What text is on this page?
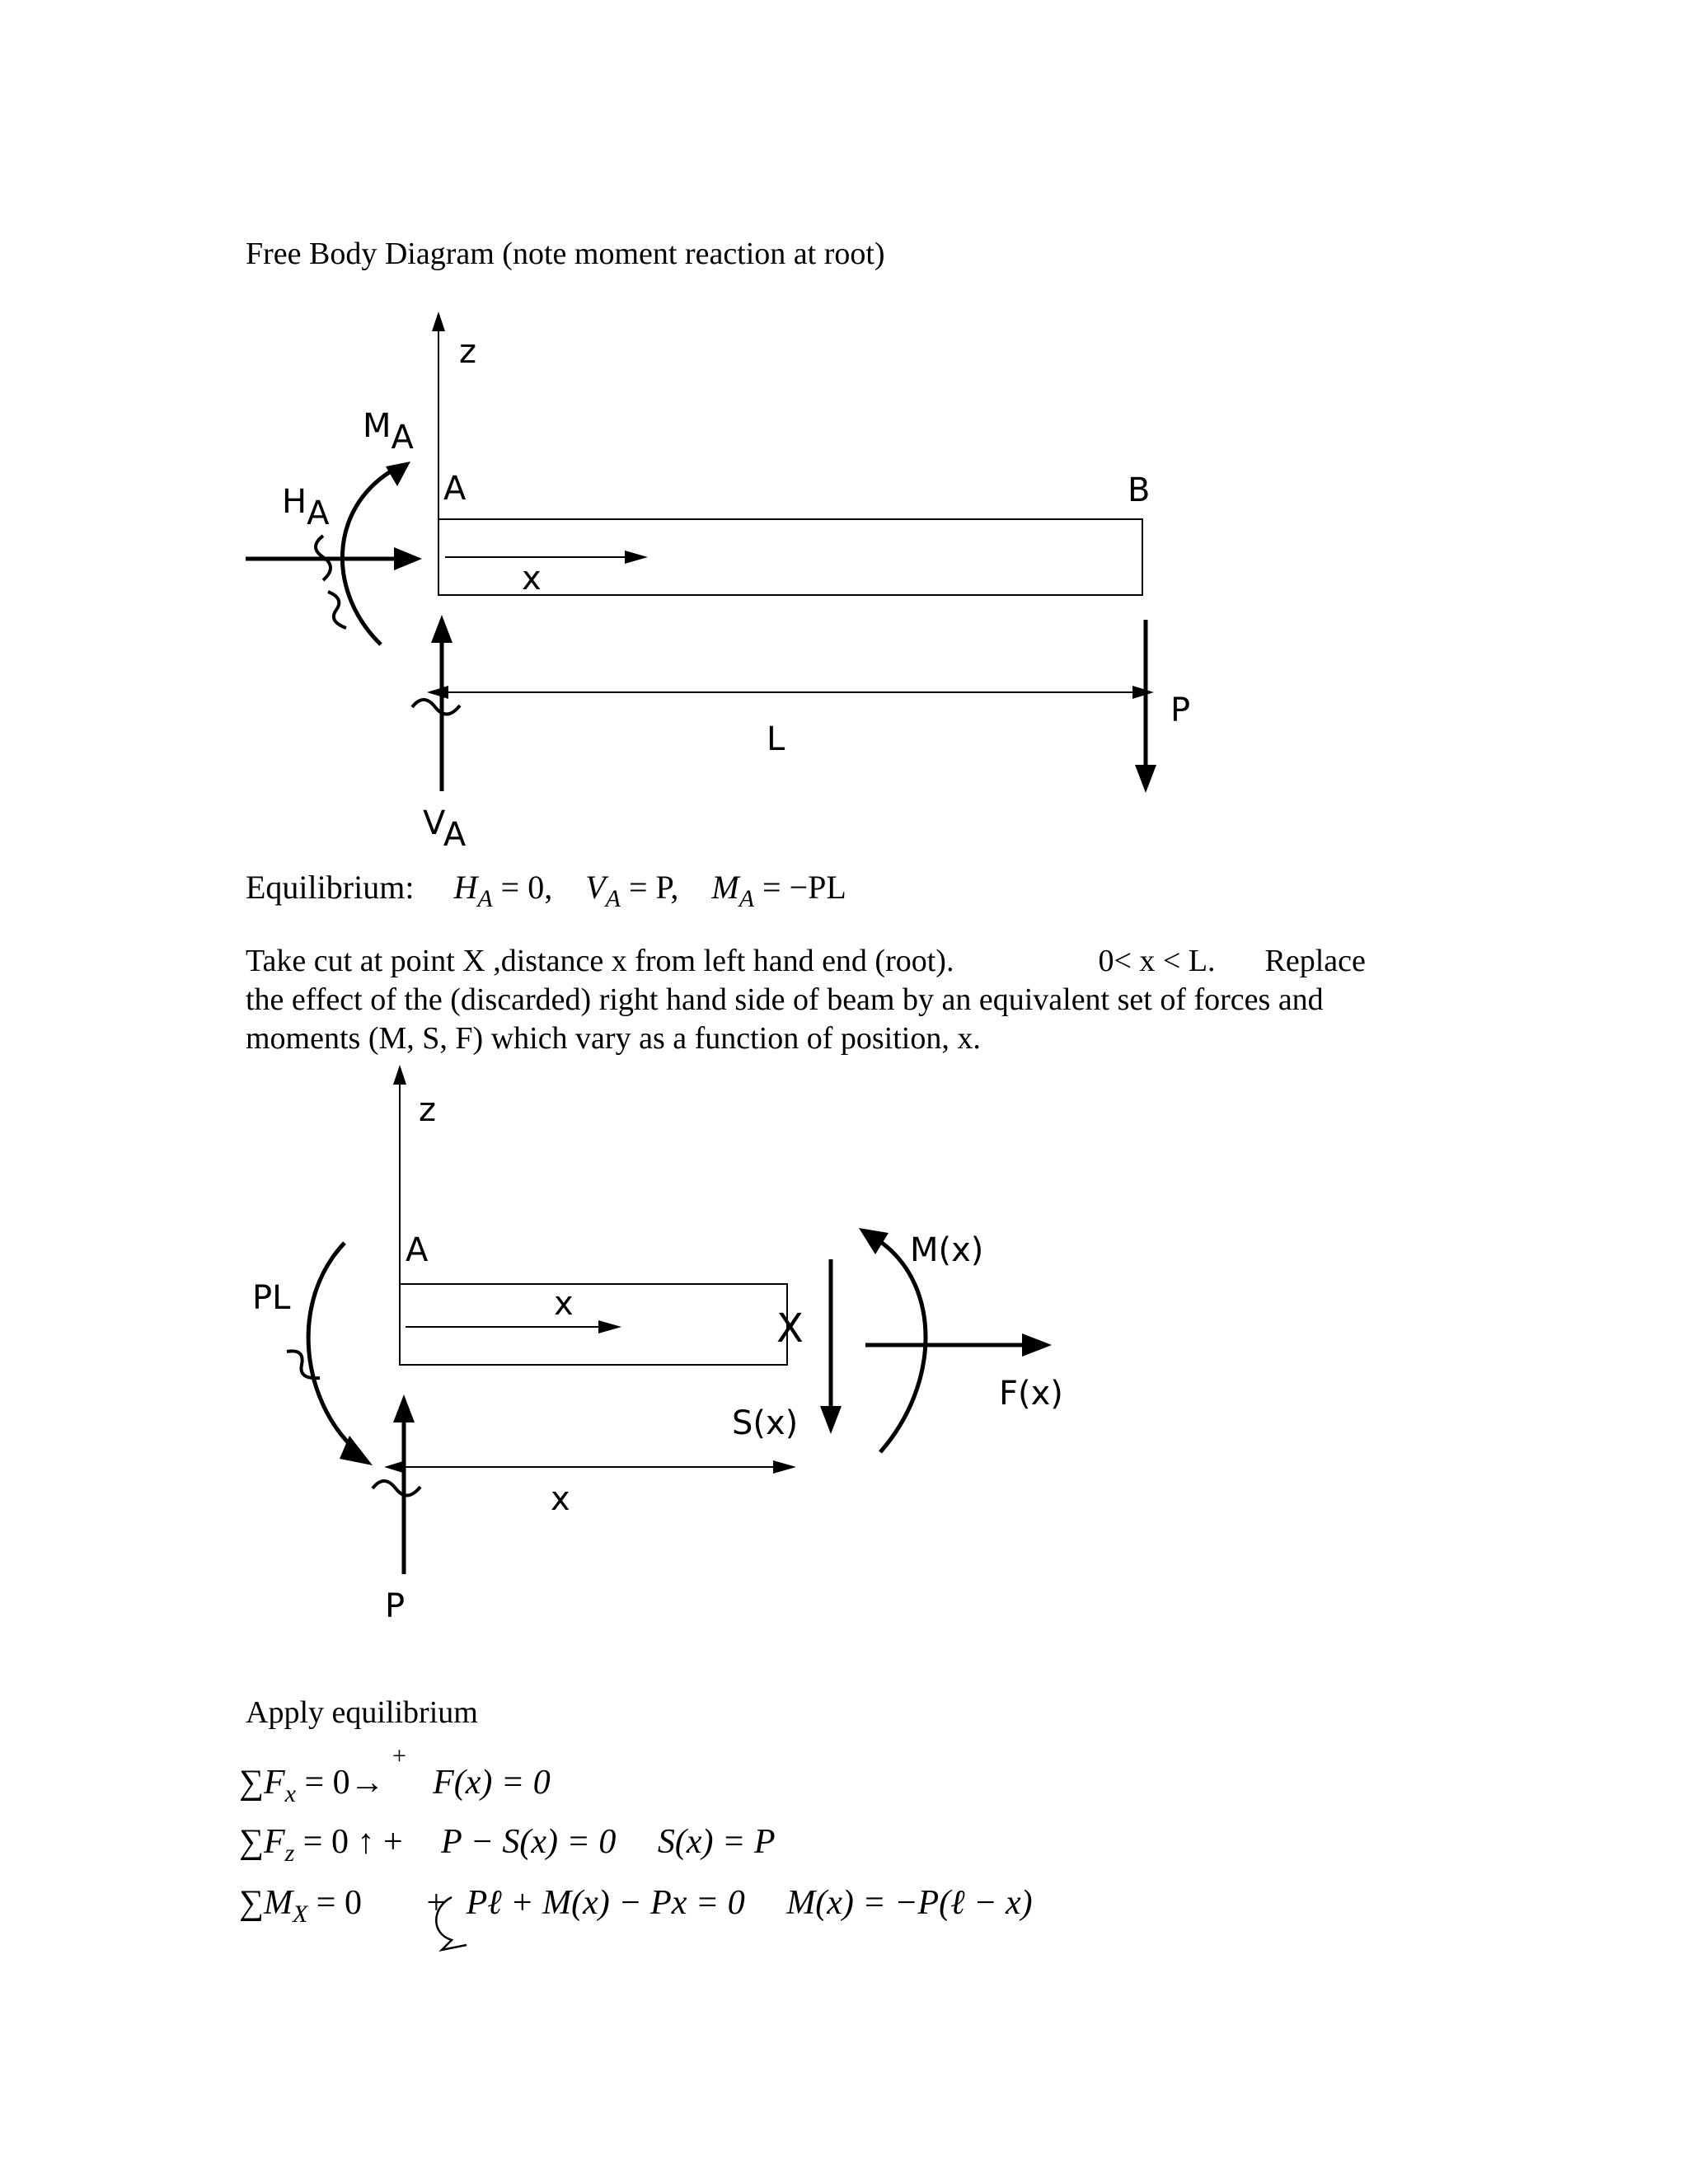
Free Body Diagram (note moment reaction at root)
z
A	B
x
HA
MA
VA
L
P
z
A
x
X
PL
P
x
S(x)
M(x)
F(x)
Equilibrium: $H_A = 0$, $V_A = P$, $M_A = -PL$
Take cut at point X ,distance x from left hand end (root).	0< x < L. Replace
the effect of the (discarded) right hand side of beam by an equivalent set of forces and
moments (M, S, F) which vary as a function of position, x.
Apply equilibrium
+
$\sum F_x = 0\to F(x) = 0$
$\sum F_z = 0$ ↑ + P − S(x) = 0 S(x) = P
$\sum M_X = 0$ + Pℓ + M(x) − Px = 0 M(x) = −P(ℓ − x)
